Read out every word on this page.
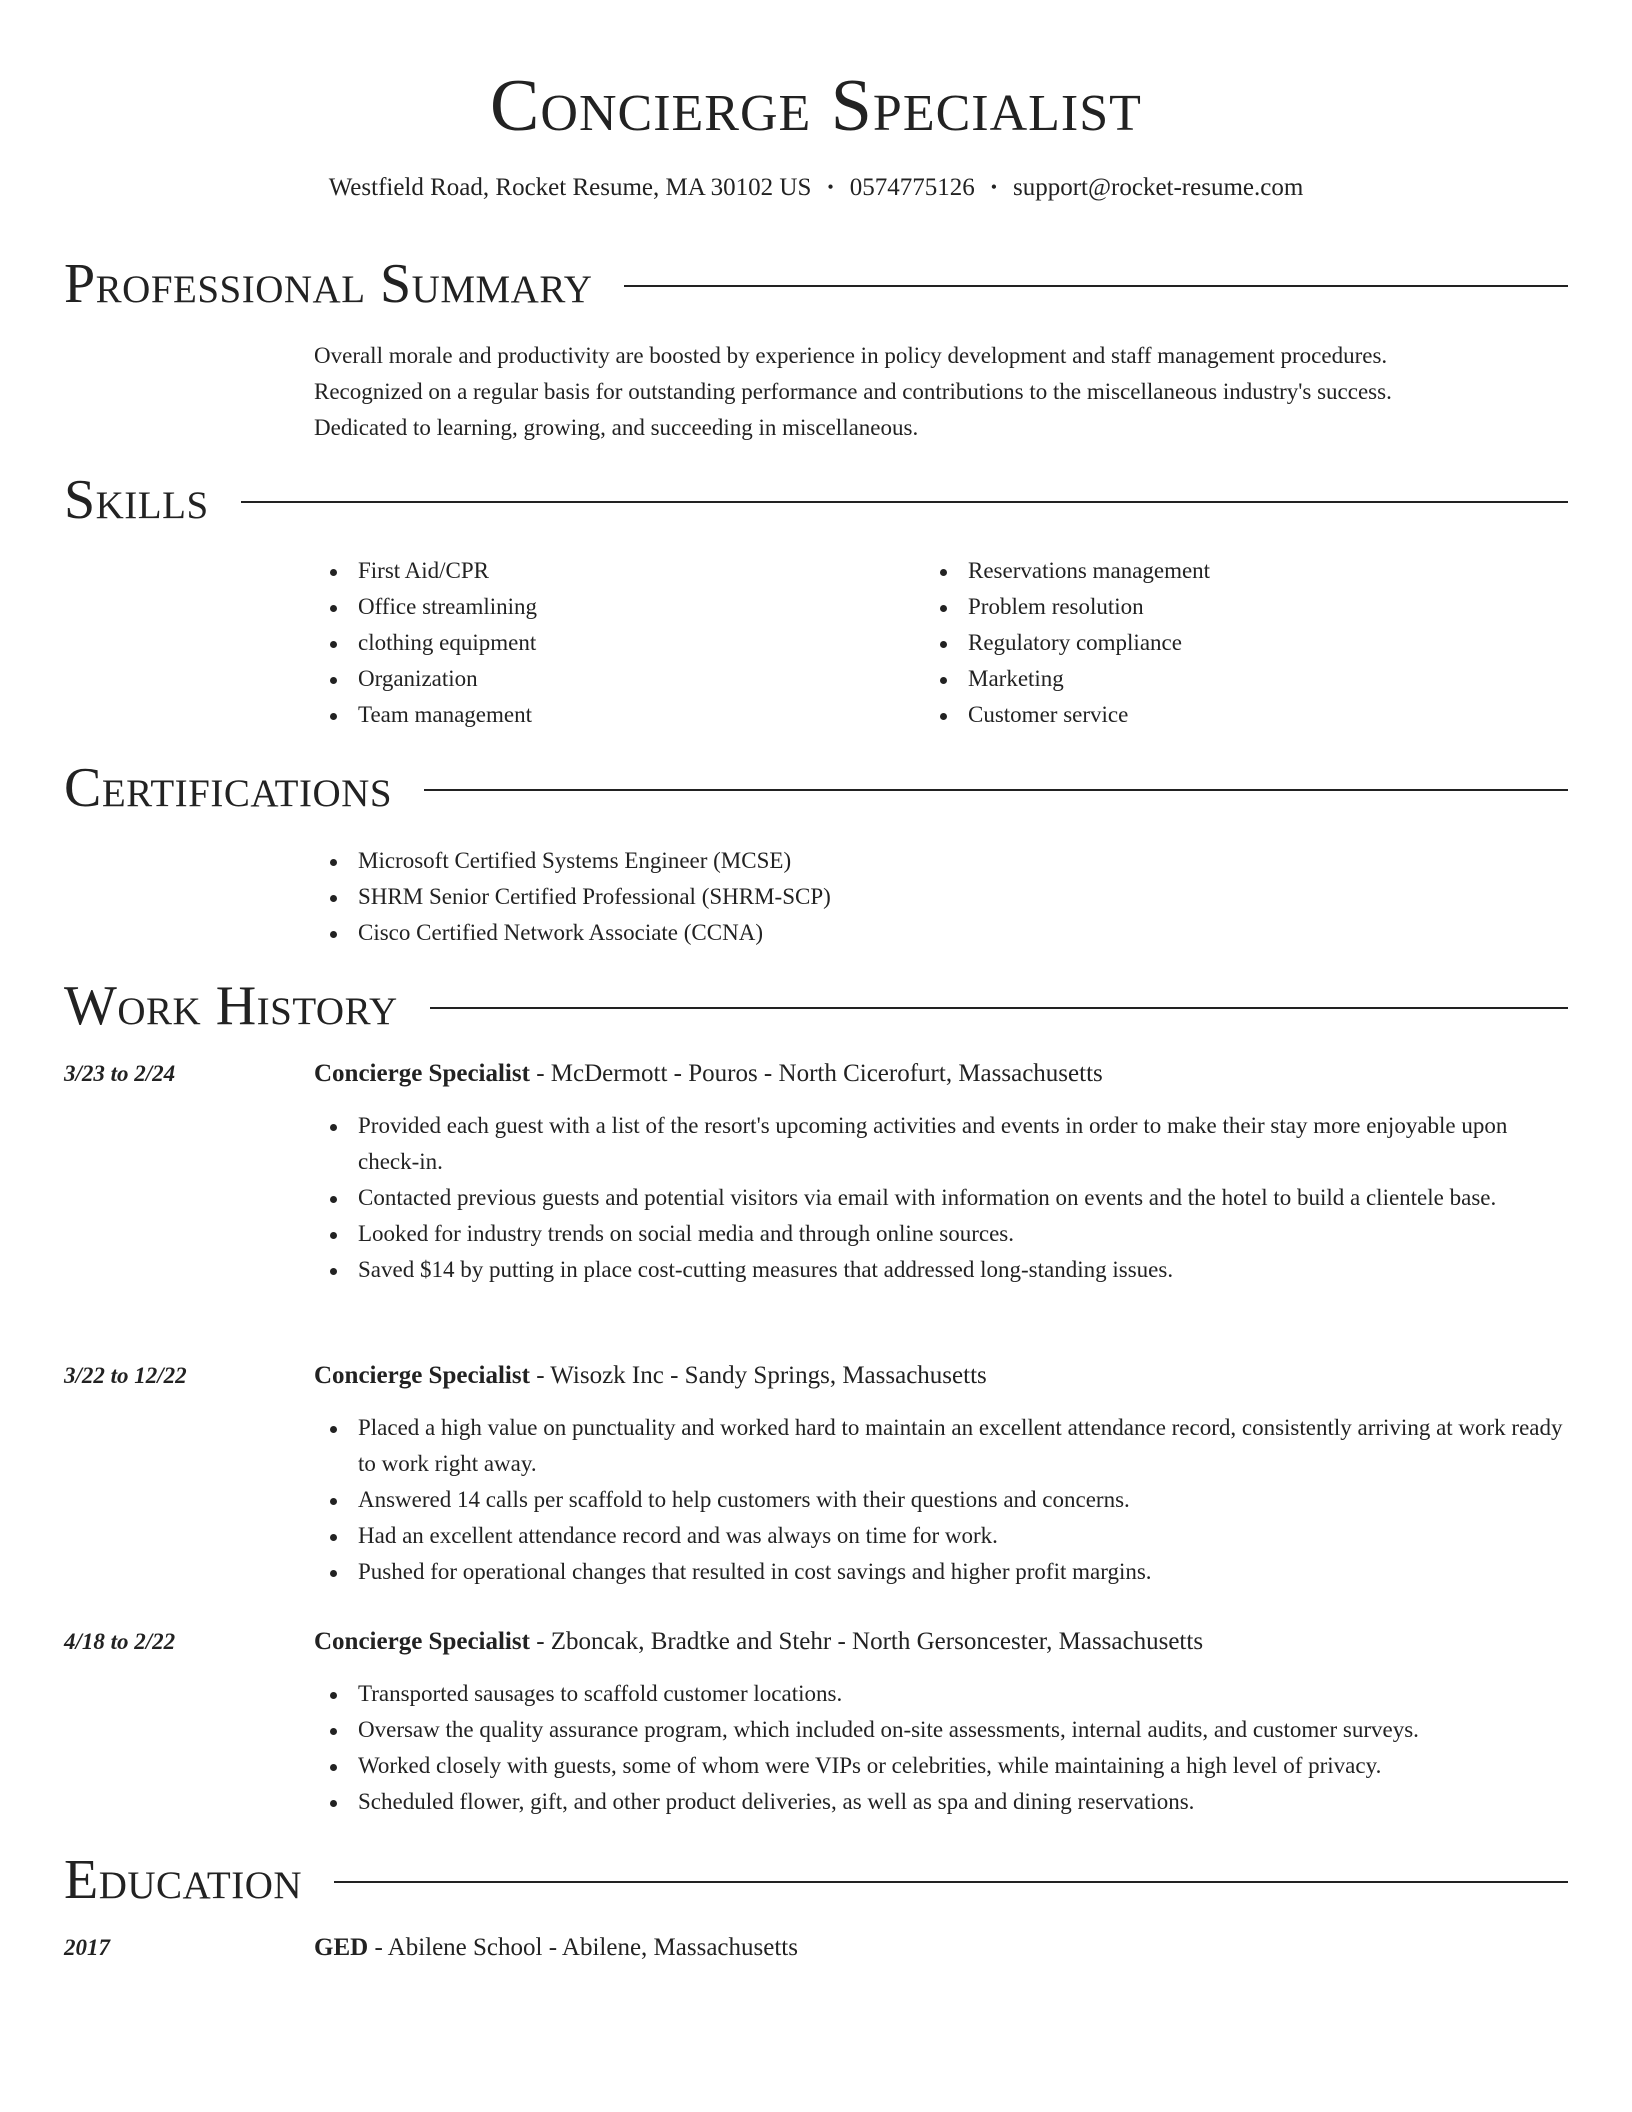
Concierge Specialist
Westfield Road, Rocket Resume, MA 30102 US • 0574775126 • support@rocket-resume.com
Professional Summary
Overall morale and productivity are boosted by experience in policy development and staff management procedures.
Recognized on a regular basis for outstanding performance and contributions to the miscellaneous industry's success.
Dedicated to learning, growing, and succeeding in miscellaneous.
Skills
First Aid/CPR
Office streamlining
clothing equipment
Organization
Team management
Reservations management
Problem resolution
Regulatory compliance
Marketing
Customer service
Certifications
Microsoft Certified Systems Engineer (MCSE)
SHRM Senior Certified Professional (SHRM-SCP)
Cisco Certified Network Associate (CCNA)
Work History
3/23 to 2/24	Concierge Specialist - McDermott - Pouros - North Cicerofurt, Massachusetts
Provided each guest with a list of the resort's upcoming activities and events in order to make their stay more enjoyable upon check-in.
Contacted previous guests and potential visitors via email with information on events and the hotel to build a clientele base.
Looked for industry trends on social media and through online sources.
Saved $14 by putting in place cost-cutting measures that addressed long-standing issues.
3/22 to 12/22	Concierge Specialist - Wisozk Inc - Sandy Springs, Massachusetts
Placed a high value on punctuality and worked hard to maintain an excellent attendance record, consistently arriving at work ready to work right away.
Answered 14 calls per scaffold to help customers with their questions and concerns.
Had an excellent attendance record and was always on time for work.
Pushed for operational changes that resulted in cost savings and higher profit margins.
4/18 to 2/22	Concierge Specialist - Zboncak, Bradtke and Stehr - North Gersoncester, Massachusetts
Transported sausages to scaffold customer locations.
Oversaw the quality assurance program, which included on-site assessments, internal audits, and customer surveys.
Worked closely with guests, some of whom were VIPs or celebrities, while maintaining a high level of privacy.
Scheduled flower, gift, and other product deliveries, as well as spa and dining reservations.
Education
2017	GED - Abilene School - Abilene, Massachusetts
